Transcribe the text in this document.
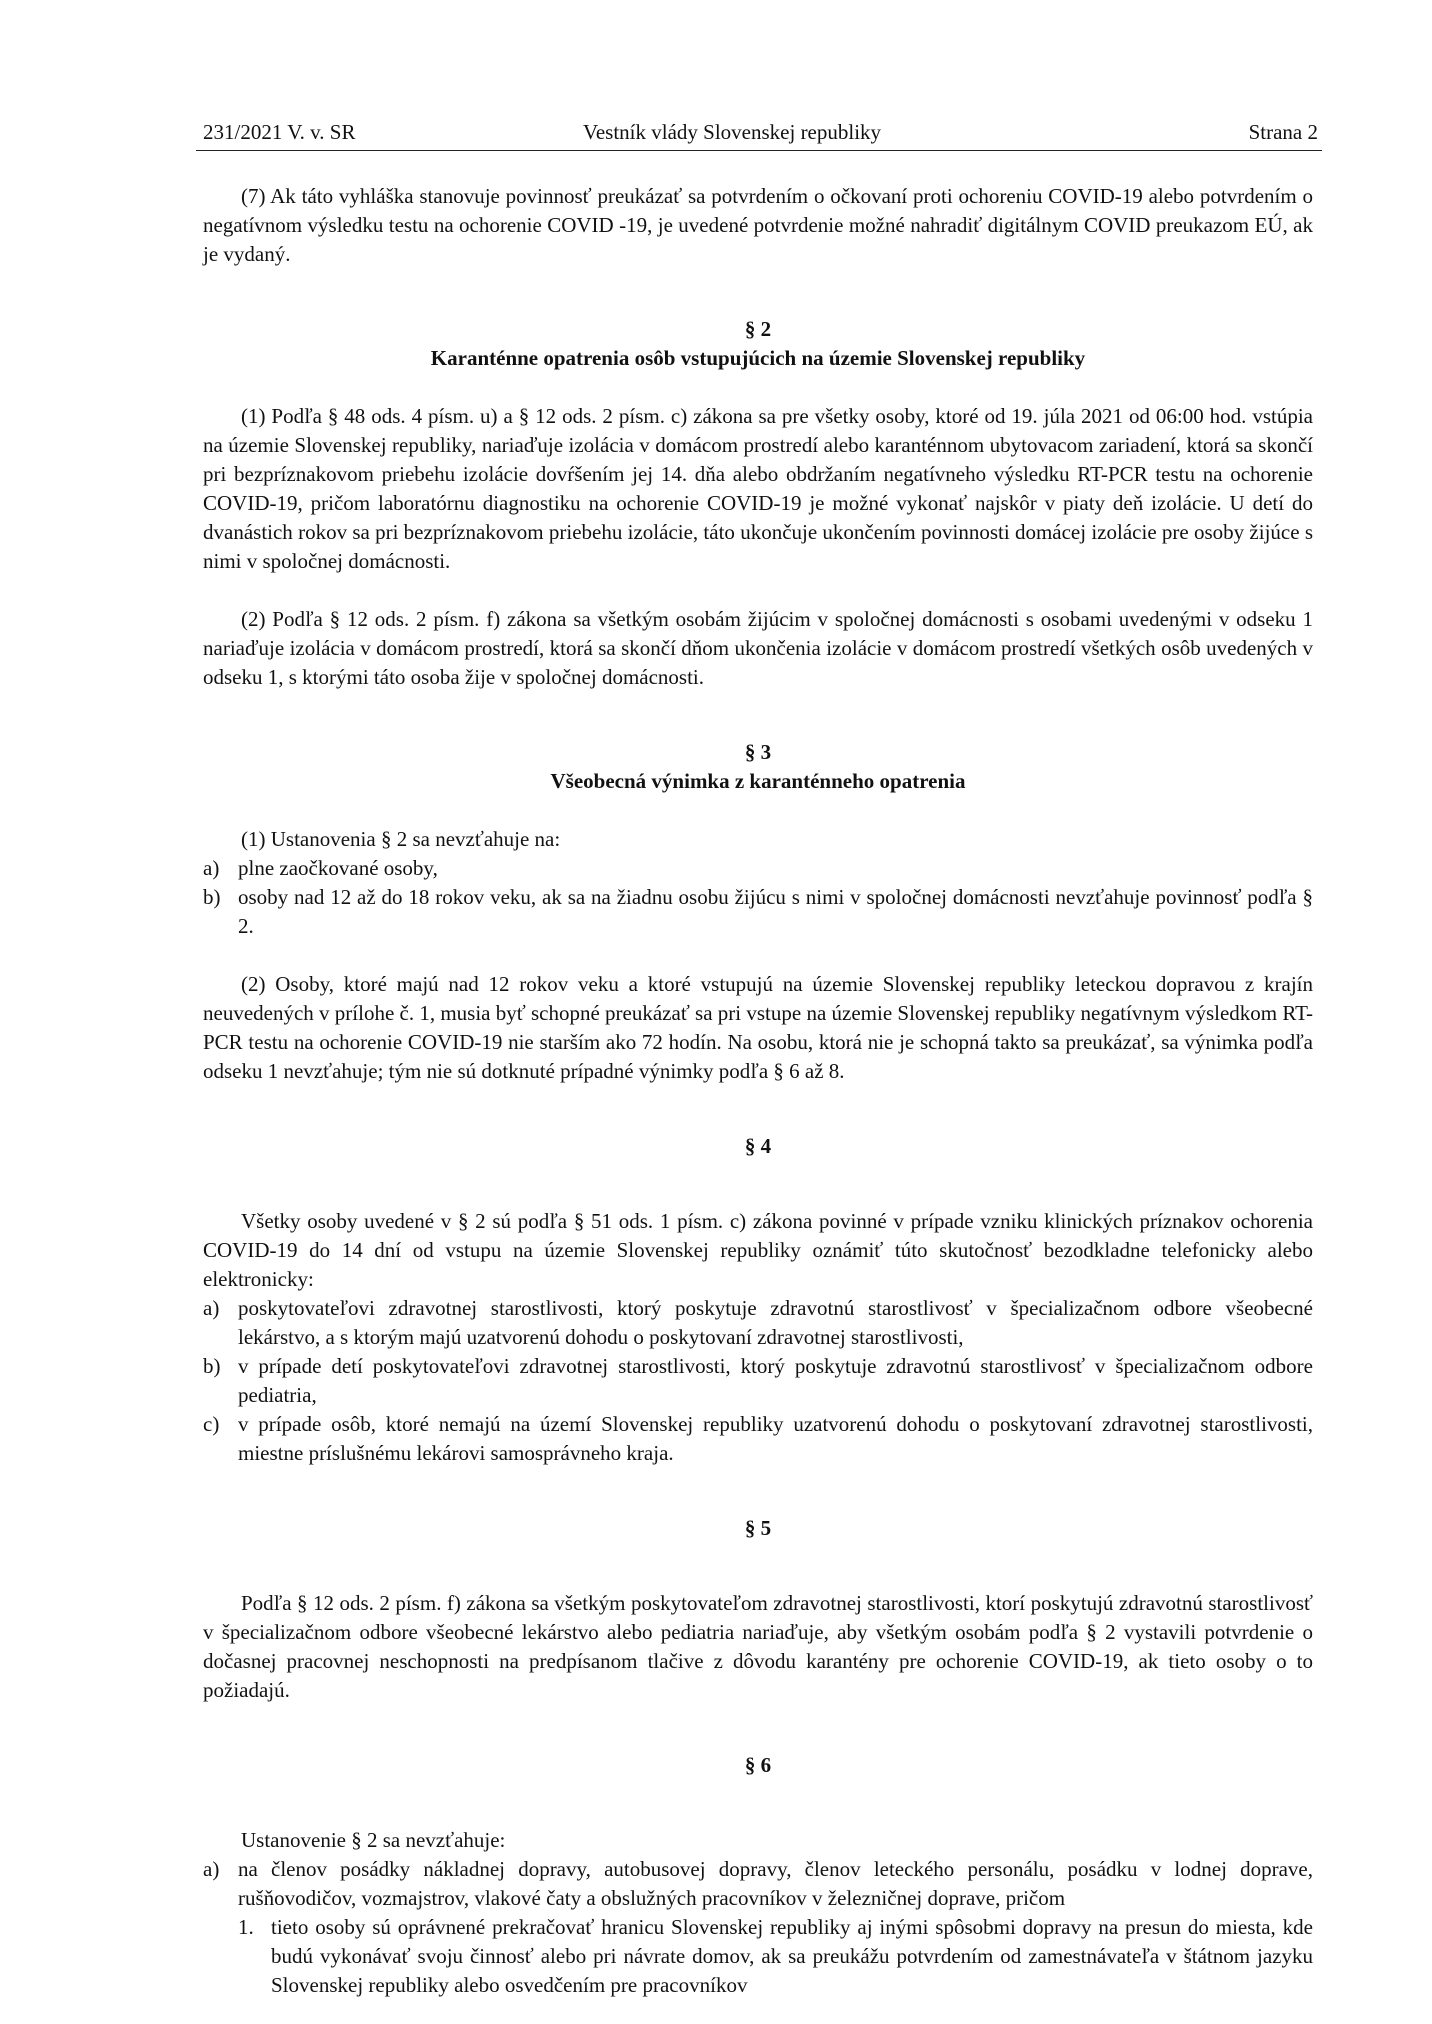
231/2021 V. v. SR	Vestník vlády Slovenskej republiky	Strana 2

(7) Ak táto vyhláška stanovuje povinnosť preukázať sa potvrdením o očkovaní proti ochoreniu COVID-19 alebo potvrdením o negatívnom výsledku testu na ochorenie COVID -19, je uvedené potvrdenie možné nahradiť digitálnym COVID preukazom EÚ, ak je vydaný.

§ 2

Karanténne opatrenia osôb vstupujúcich na územie Slovenskej republiky

(1) Podľa § 48 ods. 4 písm. u) a § 12 ods. 2 písm. c) zákona sa pre všetky osoby, ktoré od 19. júla 2021 od 06:00 hod. vstúpia na územie Slovenskej republiky, nariaďuje izolácia v domácom prostredí alebo karanténnom ubytovacom zariadení, ktorá sa skončí pri bezpríznakovom priebehu izolácie dovŕšením jej 14. dňa alebo obdržaním negatívneho výsledku RT-PCR testu na ochorenie COVID-19, pričom laboratórnu diagnostiku na ochorenie COVID-19 je možné vykonať najskôr v piaty deň izolácie. U detí do dvanástich rokov sa pri bezpríznakovom priebehu izolácie, táto ukončuje ukončením povinnosti domácej izolácie pre osoby žijúce s nimi v spoločnej domácnosti.

(2) Podľa § 12 ods. 2 písm. f) zákona sa všetkým osobám žijúcim v spoločnej domácnosti s osobami uvedenými v odseku 1 nariaďuje izolácia v domácom prostredí, ktorá sa skončí dňom ukončenia izolácie v domácom prostredí všetkých osôb uvedených v odseku 1, s ktorými táto osoba žije v spoločnej domácnosti.

§ 3

Všeobecná výnimka z karanténneho opatrenia

(1) Ustanovenia § 2 sa nevzťahuje na:

a) plne zaočkované osoby,
b) osoby nad 12 až do 18 rokov veku, ak sa na žiadnu osobu žijúcu s nimi v spoločnej domácnosti nevzťahuje povinnosť podľa § 2.

(2) Osoby, ktoré majú nad 12 rokov veku a ktoré vstupujú na územie Slovenskej republiky leteckou dopravou z krajín neuvedených v prílohe č. 1, musia byť schopné preukázať sa pri vstupe na územie Slovenskej republiky negatívnym výsledkom RT-PCR testu na ochorenie COVID-19 nie starším ako 72 hodín. Na osobu, ktorá nie je schopná takto sa preukázať, sa výnimka podľa odseku 1 nevzťahuje; tým nie sú dotknuté prípadné výnimky podľa § 6 až 8.

§ 4

Všetky osoby uvedené v § 2 sú podľa § 51 ods. 1 písm. c) zákona povinné v prípade vzniku klinických príznakov ochorenia COVID-19 do 14 dní od vstupu na územie Slovenskej republiky oznámiť túto skutočnosť bezodkladne telefonicky alebo elektronicky:

a) poskytovateľovi zdravotnej starostlivosti, ktorý poskytuje zdravotnú starostlivosť v špecializačnom odbore všeobecné lekárstvo, a s ktorým majú uzatvorenú dohodu o poskytovaní zdravotnej starostlivosti,
b) v prípade detí poskytovateľovi zdravotnej starostlivosti, ktorý poskytuje zdravotnú starostlivosť v špecializačnom odbore pediatria,
c) v prípade osôb, ktoré nemajú na území Slovenskej republiky uzatvorenú dohodu o poskytovaní zdravotnej starostlivosti, miestne príslušnému lekárovi samosprávneho kraja.

§ 5

Podľa § 12 ods. 2 písm. f) zákona sa všetkým poskytovateľom zdravotnej starostlivosti, ktorí poskytujú zdravotnú starostlivosť v špecializačnom odbore všeobecné lekárstvo alebo pediatria nariaďuje, aby všetkým osobám podľa § 2 vystavili potvrdenie o dočasnej pracovnej neschopnosti na predpísanom tlačive z dôvodu karantény pre ochorenie COVID-19, ak tieto osoby o to požiadajú.

§ 6

Ustanovenie § 2 sa nevzťahuje:

a) na členov posádky nákladnej dopravy, autobusovej dopravy, členov leteckého personálu, posádku v lodnej doprave, rušňovodičov, vozmajstrov, vlakové čaty a obslužných pracovníkov v železničnej doprave, pričom
1. tieto osoby sú oprávnené prekračovať hranicu Slovenskej republiky aj inými spôsobmi dopravy na presun do miesta, kde budú vykonávať svoju činnosť alebo pri návrate domov, ak sa preukážu potvrdením od zamestnávateľa v štátnom jazyku Slovenskej republiky alebo osvedčením pre pracovníkov
